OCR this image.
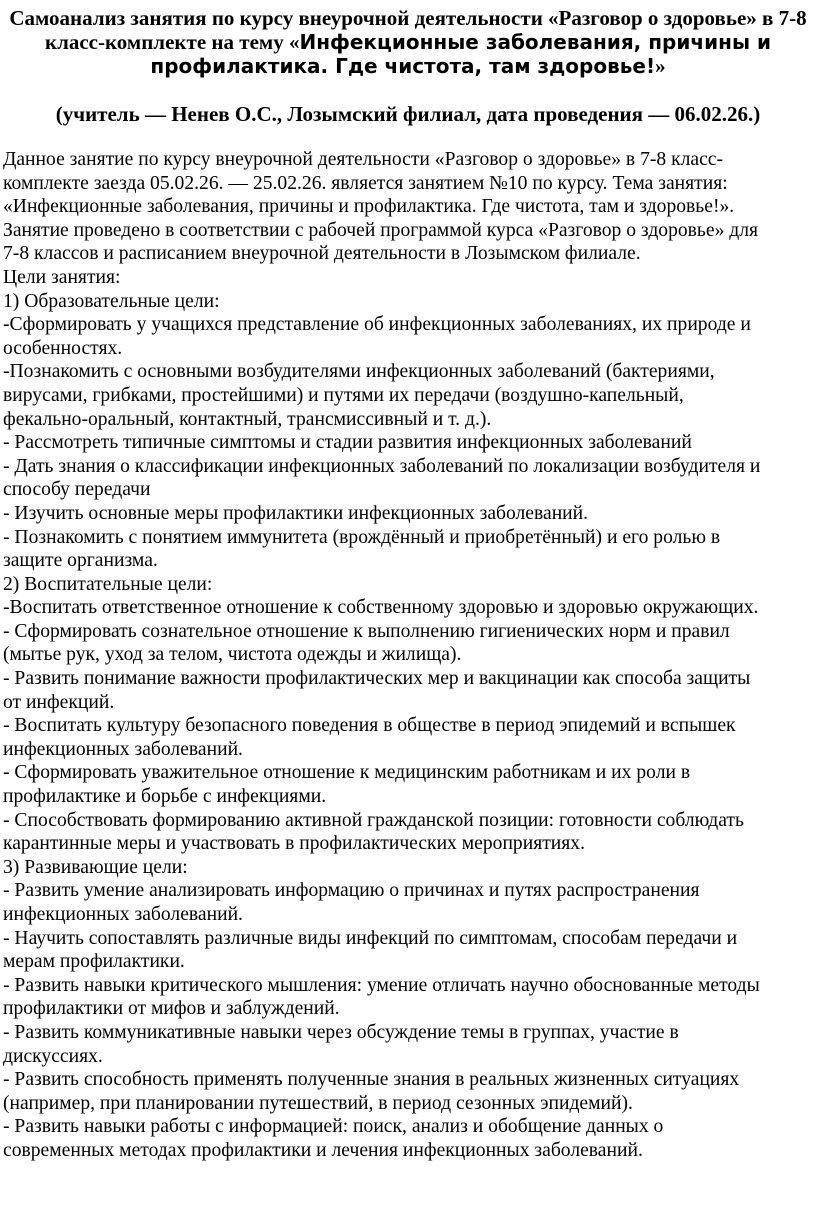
Самоанализ занятия по курсу внеурочной деятельности «Разговор о здоровье» в 7-8
класс-комплекте на тему «Инфекционные заболевания, причины и
профилактика. Где чистота, там здоровье!»
(учитель — Ненев О.С., Лозымский филиал, дата проведения — 06.02.26.)
Данное занятие по курсу внеурочной деятельности «Разговор о здоровье» в 7-8 класс-
комплекте заезда 05.02.26. — 25.02.26. является занятием №10 по курсу. Тема занятия:
«Инфекционные заболевания, причины и профилактика. Где чистота, там и здоровье!».
Занятие проведено в соответствии с рабочей программой курса «Разговор о здоровье» для
7-8 классов и расписанием внеурочной деятельности в Лозымском филиале.
Цели занятия:
1) Образовательные цели:
-Сформировать у учащихся представление об инфекционных заболеваниях, их природе и
особенностях.
-Познакомить с основными возбудителями инфекционных заболеваний (бактериями,
вирусами, грибками, простейшими) и путями их передачи (воздушно-капельный,
фекально-оральный, контактный, трансмиссивный и т. д.).
- Рассмотреть типичные симптомы и стадии развития инфекционных заболеваний
- Дать знания о классификации инфекционных заболеваний по локализации возбудителя и
способу передачи
- Изучить основные меры профилактики инфекционных заболеваний.
- Познакомить с понятием иммунитета (врождённый и приобретённый) и его ролью в
защите организма.
2) Воспитательные цели:
-Воспитать ответственное отношение к собственному здоровью и здоровью окружающих.
- Сформировать сознательное отношение к выполнению гигиенических норм и правил
(мытье рук, уход за телом, чистота одежды и жилища).
- Развить понимание важности профилактических мер и вакцинации как способа защиты
от инфекций.
- Воспитать культуру безопасного поведения в обществе в период эпидемий и вспышек
инфекционных заболеваний.
- Сформировать уважительное отношение к медицинским работникам и их роли в
профилактике и борьбе с инфекциями.
- Способствовать формированию активной гражданской позиции: готовности соблюдать
карантинные меры и участвовать в профилактических мероприятиях.
3) Развивающие цели:
- Развить умение анализировать информацию о причинах и путях распространения
инфекционных заболеваний.
- Научить сопоставлять различные виды инфекций по симптомам, способам передачи и
мерам профилактики.
- Развить навыки критического мышления: умение отличать научно обоснованные методы
профилактики от мифов и заблуждений.
- Развить коммуникативные навыки через обсуждение темы в группах, участие в
дискуссиях.
- Развить способность применять полученные знания в реальных жизненных ситуациях
(например, при планировании путешествий, в период сезонных эпидемий).
- Развить навыки работы с информацией: поиск, анализ и обобщение данных о
современных методах профилактики и лечения инфекционных заболеваний.
